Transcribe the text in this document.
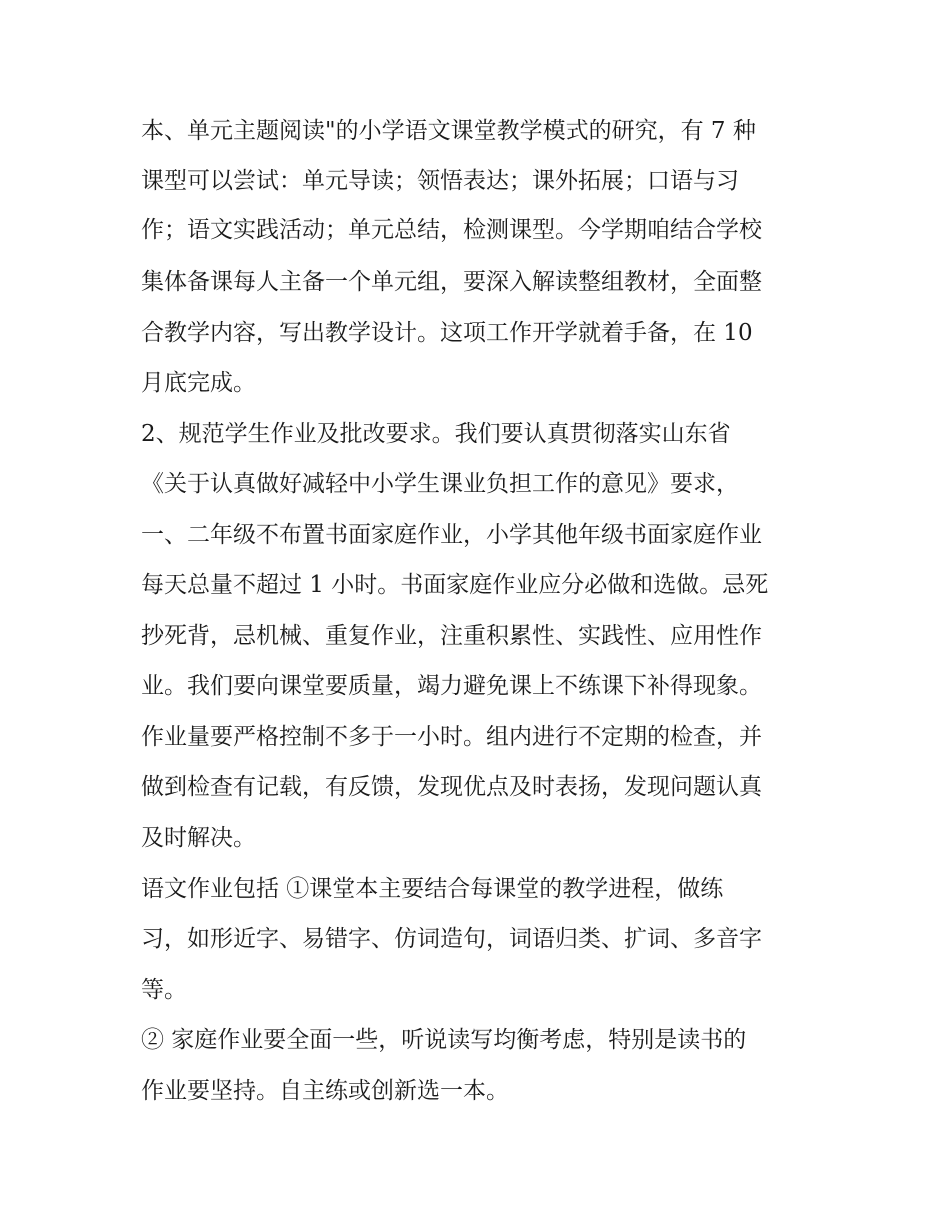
本、单元主题阅读"的小学语文课堂教学模式的研究，有 7 种
课型可以尝试：单元导读；领悟表达；课外拓展；口语与习
作；语文实践活动；单元总结，检测课型。今学期咱结合学校
集体备课每人主备一个单元组，要深入解读整组教材，全面整
合教学内容，写出教学设计。这项工作开学就着手备，在 10
月底完成。
2、规范学生作业及批改要求。我们要认真贯彻落实山东省
《关于认真做好减轻中小学生课业负担工作的意见》要求，
一、二年级不布置书面家庭作业，小学其他年级书面家庭作业
每天总量不超过 1 小时。书面家庭作业应分必做和选做。忌死
抄死背，忌机械、重复作业，注重积累性、实践性、应用性作
业。我们要向课堂要质量，竭力避免课上不练课下补得现象。
作业量要严格控制不多于一小时。组内进行不定期的检查，并
做到检查有记载，有反馈，发现优点及时表扬，发现问题认真
及时解决。
语文作业包括 ①课堂本主要结合每课堂的教学进程，做练
习，如形近字、易错字、仿词造句，词语归类、扩词、多音字
等。
② 家庭作业要全面一些，听说读写均衡考虑，特别是读书的
作业要坚持。自主练或创新选一本。
